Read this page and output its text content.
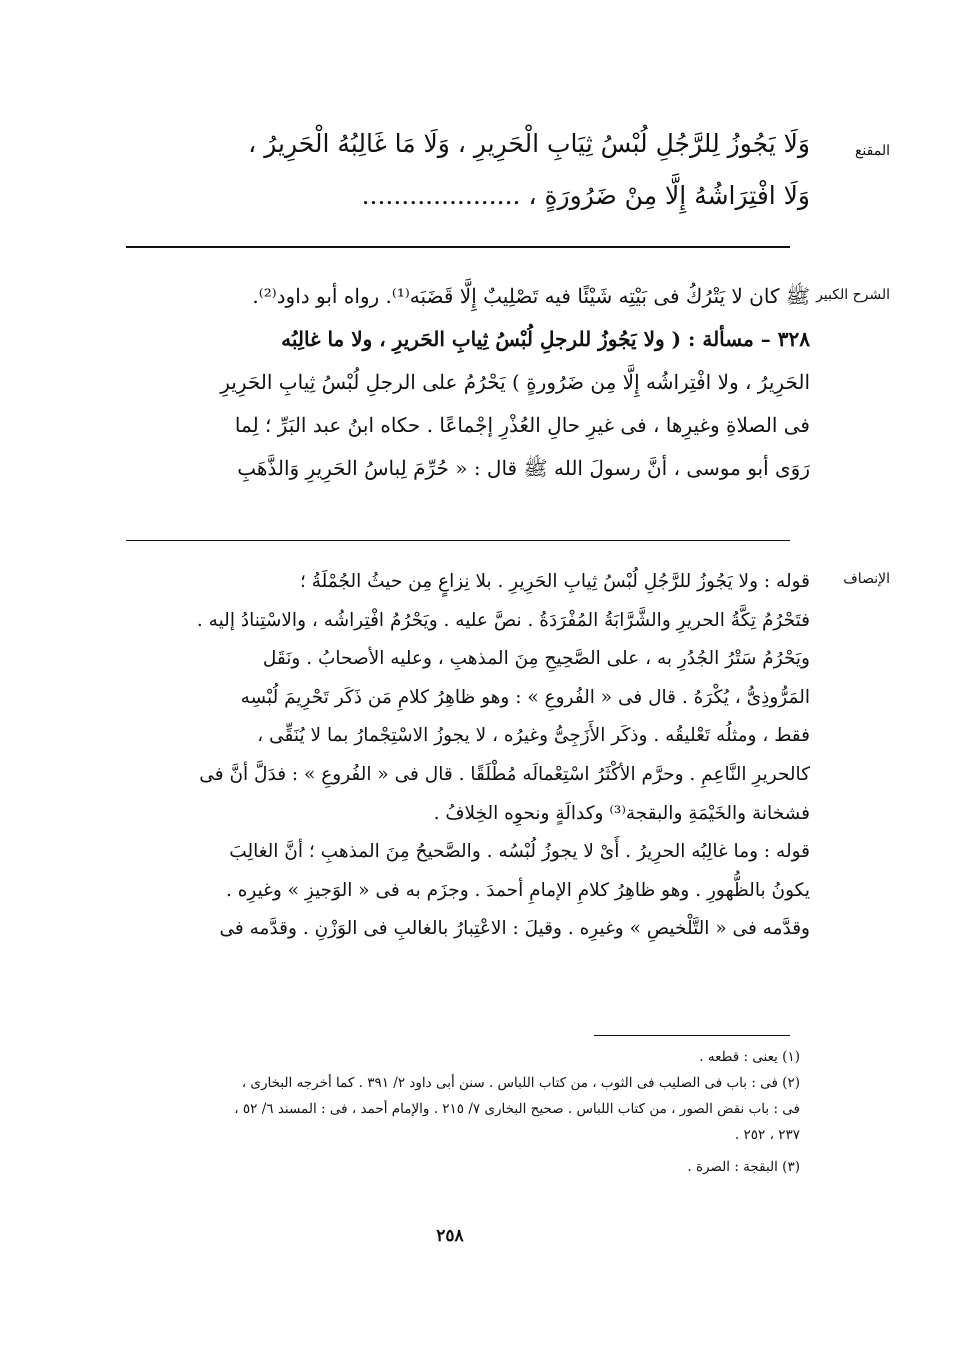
المقنع

وَلَا يَجُوزُ لِلرَّجُلِ لُبْسُ ثِيَابِ الْحَرِيرِ ، وَلَا مَا غَالِبُهُ الْحَرِيرُ ،

وَلَا افْتِرَاشُهُ إِلَّا مِنْ ضَرُورَةٍ ، ....................

الشرح الكبير

ﷺ كان لا يَتْرُكُ فى بَيْتِه شَيْئًا فيه تَصْلِيبٌ إِلَّا قَضَبَه⁽¹⁾. رواه أبو داود⁽²⁾.

٣٢٨ – مسألة : ( ولا يَجُوزُ للرجلِ لُبْسُ ثِيابِ الحَريرِ ، ولا ما غالِبُه

الحَرِيرُ ، ولا افْتِراشُه إِلَّا مِن ضَرُورةٍ ) يَحْرُمُ على الرجلِ لُبْسُ ثِيابِ الحَرِيرِ

فى الصلاةِ وغيرِها ، فى غيرِ حالِ العُذْرِ إجْماعًا . حكاه ابنُ عبد البَرِّ ؛ لِما

رَوَى أبو موسى ، أنَّ رسولَ الله ﷺ قال : « حُرِّمَ لِباسُ الحَرِيرِ وَالذَّهَبِ

الإنصاف

قوله : ولا يَجُوزُ للرَّجُلِ لُبْسُ ثِيابِ الحَرِيرِ . بلا نِزاعٍ مِن حيثُ الجُمْلَةُ ؛

فتَحْرُمُ تِكَّةُ الحريرِ والشَّرَّابَةُ المُفْرَدَةُ . نصَّ عليه . ويَحْرُمُ افْتِراشُه ، والاسْتِنادُ إليه .

ويَحْرُمُ سَتْرُ الجُدُرِ به ، على الصَّحِيحِ مِنَ المذهبِ ، وعليه الأصحابُ . ونَقَل

المَرُّوذِىُّ ، يُكْرَهُ . قال فى « الفُروعِ » : وهو ظاهِرُ كلامِ مَن ذَكَر تَحْرِيمَ لُبْسِه

فقط ، ومثلُه تَعْليقُه . وذكَر الأَزَجِىُّ وغيرُه ، لا يجوزُ الاسْتِجْمارُ بما لا يُنَقِّى ،

كالحريرِ النَّاعِمِ . وحرَّم الأكْثَرُ اسْتِعْمالَه مُطْلَقًا . قال فى « الفُروعِ » : فدَلَّ أنَّ فى

فشخانة والخَيْمَةِ والبقجة⁽³⁾ وكدالَةٍ ونحوِه الخِلافُ .

قوله : وما غالِبُه الحرِيرُ . أَىْ لا يجوزُ لُبْسُه . والصَّحيحُ مِنَ المذهبِ ؛ أنَّ الغالِبَ

يكونُ بالظُّهورِ . وهو ظاهِرُ كلامِ الإمامِ أحمدَ . وجزَم به فى « الوَجيزِ » وغيرِه .

وقدَّمه فى « التَّلْخيصِ » وغيرِه . وقيلَ : الاعْتِبارُ بالغالبِ فى الوَزْنِ . وقدَّمه فى

(١) يعنى : قطعه .

(٢) فى : باب فى الصليب فى الثوب ، من كتاب اللباس . سنن أبى داود ٢/ ٣٩١ . كما أخرجه البخارى ،

فى : باب نقض الصور ، من كتاب اللباس . صحيح البخارى ٧/ ٢١٥ . والإمام أحمد ، فى : المسند ٦/ ٥٢ ،

٢٣٧ ، ٢٥٢ .

(٣) البقجة : الصرة .

٢٥٨
